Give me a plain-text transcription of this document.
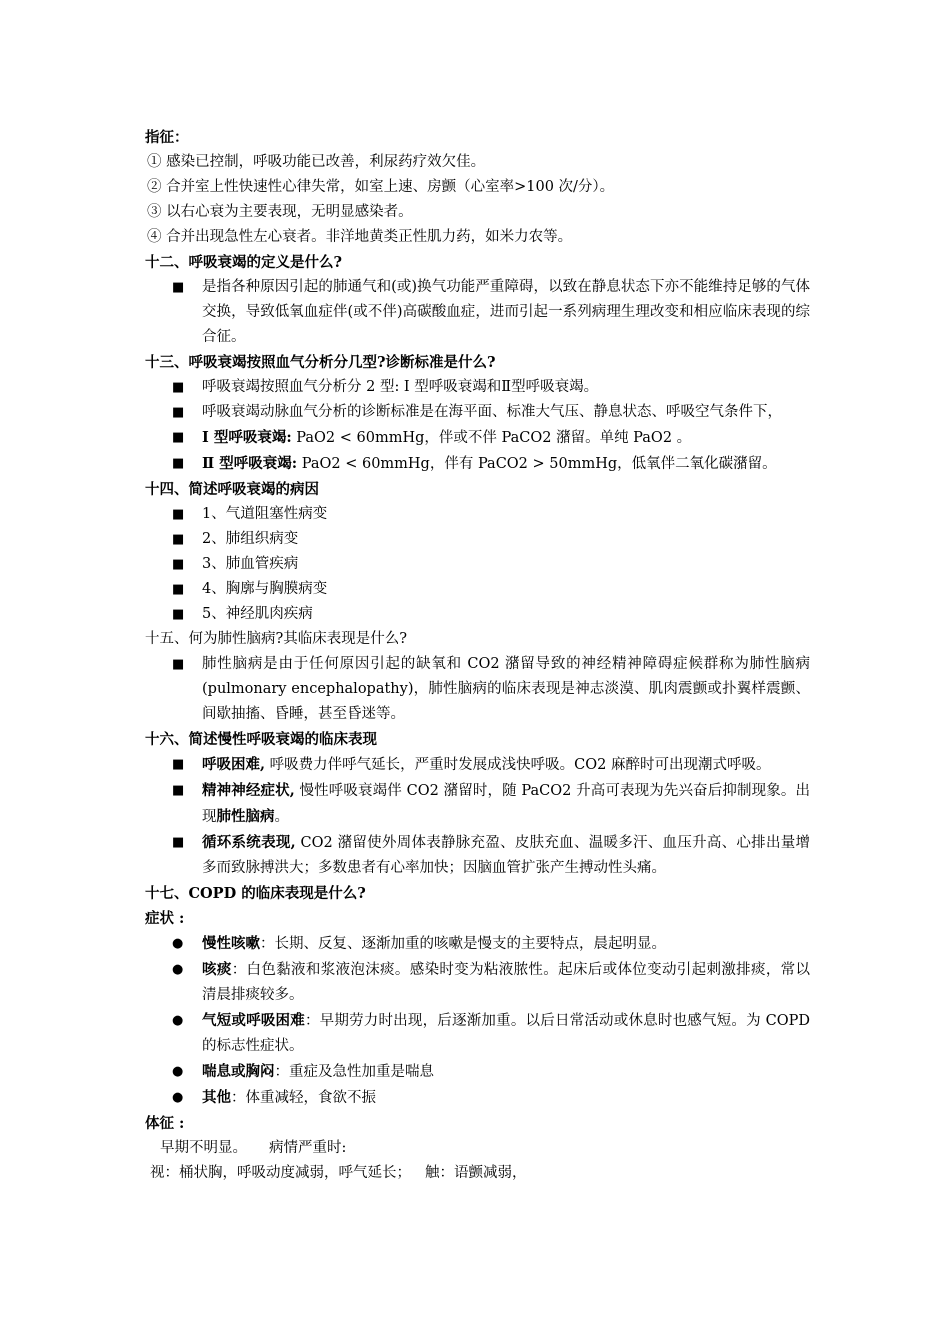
指征：
① 感染已控制，呼吸功能已改善，利尿药疗效欠佳。
② 合并室上性快速性心律失常，如室上速、房颤（心室率>100 次/分）。
③ 以右心衰为主要表现，无明显感染者。
④ 合并出现急性左心衰者。非洋地黄类正性肌力药，如米力农等。
十二、呼吸衰竭的定义是什么?
■ 是指各种原因引起的肺通气和(或)换气功能严重障碍，以致在静息状态下亦不能维持足够的气体交换，导致低氧血症伴(或不伴)高碳酸血症，进而引起一系列病理生理改变和相应临床表现的综合征。
十三、呼吸衰竭按照血气分析分几型?诊断标准是什么?
■ 呼吸衰竭按照血气分析分 2 型: Ⅰ 型呼吸衰竭和Ⅱ型呼吸衰竭。
■ 呼吸衰竭动脉血气分析的诊断标准是在海平面、标准大气压、静息状态、呼吸空气条件下，
■ Ⅰ 型呼吸衰竭: PaO2 < 60mmHg，伴或不伴 PaCO2 潴留。单纯 PaO2 。
■ Ⅱ 型呼吸衰竭: PaO2 < 60mmHg，伴有 PaCO2 > 50mmHg，低氧伴二氧化碳潴留。
十四、简述呼吸衰竭的病因
■ 1、气道阻塞性病变
■ 2、肺组织病变
■ 3、肺血管疾病
■ 4、胸廓与胸膜病变
■ 5、神经肌肉疾病
十五、何为肺性脑病?其临床表现是什么?
■ 肺性脑病是由于任何原因引起的缺氧和 CO2 潴留导致的神经精神障碍症候群称为肺性脑病(pulmonary encephalopathy)，肺性脑病的临床表现是神志淡漠、肌肉震颤或扑翼样震颤、间歇抽搐、昏睡，甚至昏迷等。
十六、简述慢性呼吸衰竭的临床表现
■ 呼吸困难, 呼吸费力伴呼气延长，严重时发展成浅快呼吸。CO2 麻醉时可出现潮式呼吸。
■ 精神神经症状, 慢性呼吸衰竭伴 CO2 潴留时，随 PaCO2 升高可表现为先兴奋后抑制现象。出现肺性脑病。
■ 循环系统表现, CO2 潴留使外周体表静脉充盈、皮肤充血、温暖多汗、血压升高、心排出量增多而致脉搏洪大；多数患者有心率加快；因脑血管扩张产生搏动性头痛。
十七、COPD 的临床表现是什么?
症状 :
● 慢性咳嗽：长期、反复、逐渐加重的咳嗽是慢支的主要特点，晨起明显。
● 咳痰：白色黏液和浆液泡沫痰。感染时变为粘液脓性。起床后或体位变动引起刺激排痰，常以清晨排痰较多。
● 气短或呼吸困难：早期劳力时出现，后逐渐加重。以后日常活动或休息时也感气短。为 COPD 的标志性症状。
● 喘息或胸闷：重症及急性加重是喘息
● 其他：体重减轻，食欲不振
体征 :
早期不明显。 病情严重时:
视：桶状胸，呼吸动度减弱，呼气延长； 触：语颤减弱，
